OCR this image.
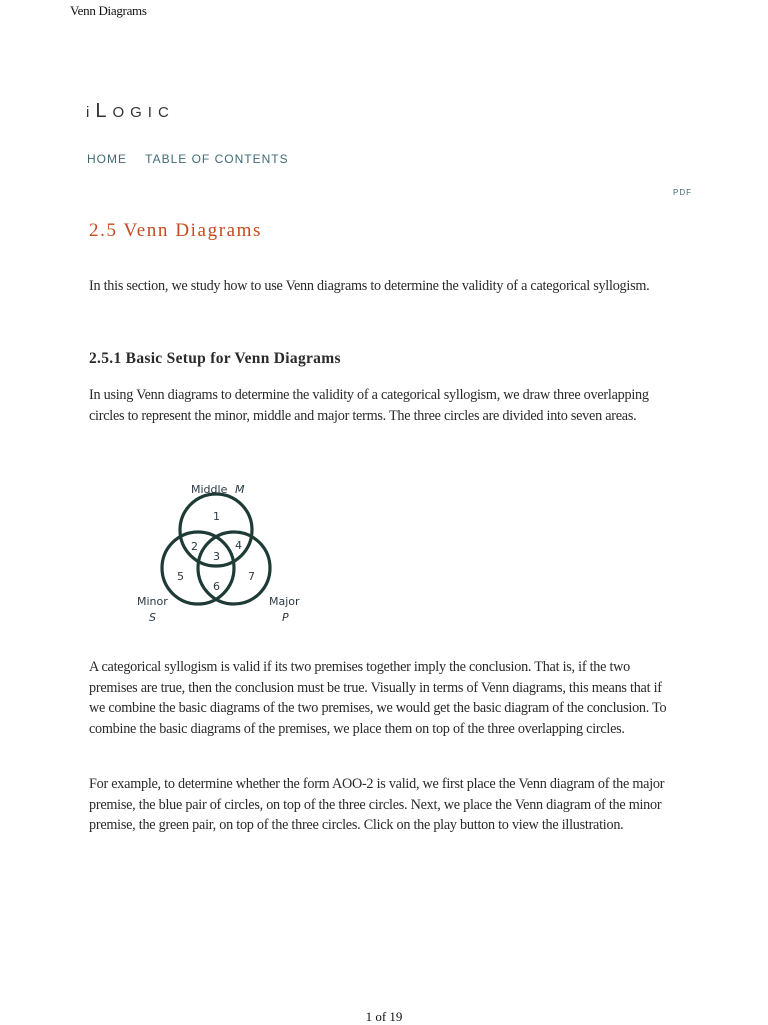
Venn Diagrams
iLOGIC
HOME TABLE OF CONTENTS
PDF
2.5 Venn Diagrams

In this section, we study how to use Venn diagrams to determine the validity of a categorical syllogism.

2.5.1 Basic Setup for Venn Diagrams

In using Venn diagrams to determine the validity of a categorical syllogism, we draw three overlapping circles to represent the minor, middle and major terms. The three circles are divided into seven areas.

Middle M
Minor
S
Major
P
1
2
3
4
5
6
7

A categorical syllogism is valid if its two premises together imply the conclusion. That is, if the two premises are true, then the conclusion must be true. Visually in terms of Venn diagrams, this means that if we combine the basic diagrams of the two premises, we would get the basic diagram of the conclusion. To combine the basic diagrams of the premises, we place them on top of the three overlapping circles.

For example, to determine whether the form AOO-2 is valid, we first place the Venn diagram of the major premise, the blue pair of circles, on top of the three circles. Next, we place the Venn diagram of the minor premise, the green pair, on top of the three circles. Click on the play button to view the illustration.

1 of 19
